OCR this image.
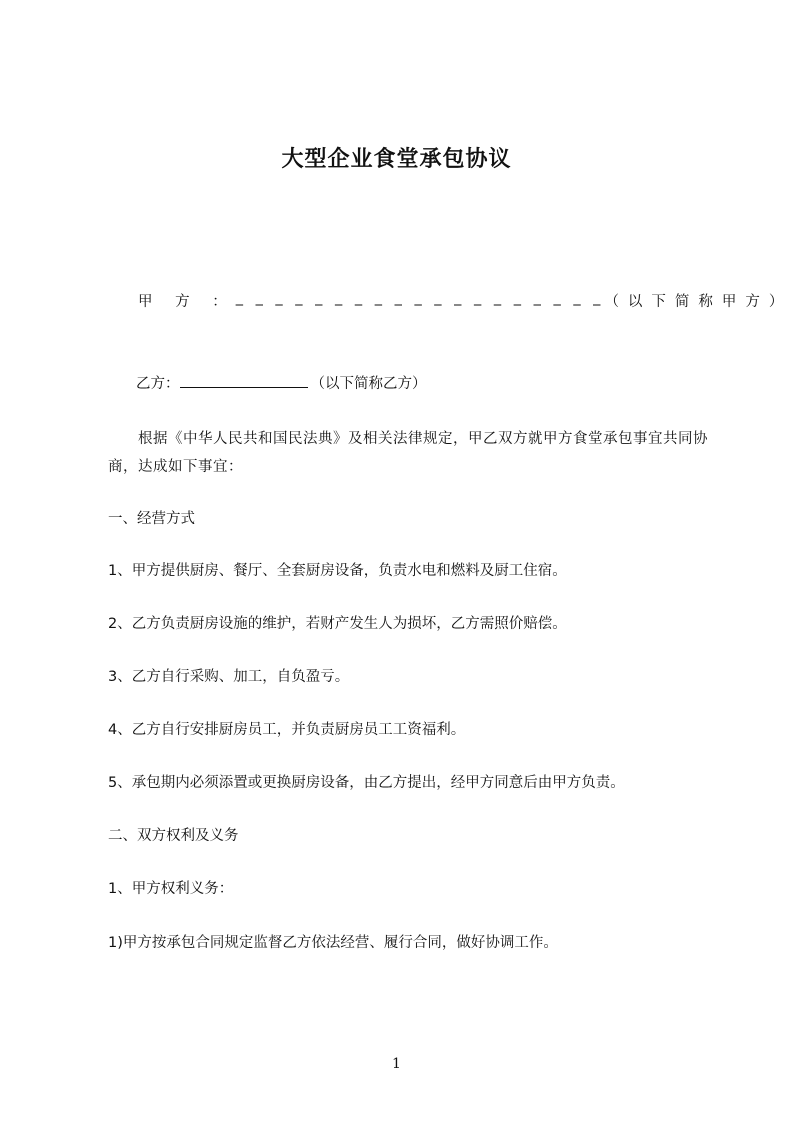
大型企业食堂承包协议
甲 方 ： _ _ _ _ _ _ _ _ _ _ _ _ _ _ _ _ _ _ _ （以下简称甲方）
乙方：	（以下简称乙方）
根据《中华人民共和国民法典》及相关法律规定，甲乙双方就甲方食堂承包事宜共同协商，达成如下事宜：
一、经营方式
1、甲方提供厨房、餐厅、全套厨房设备，负责水电和燃料及厨工住宿。
2、乙方负责厨房设施的维护，若财产发生人为损坏，乙方需照价赔偿。
3、乙方自行采购、加工，自负盈亏。
4、乙方自行安排厨房员工，并负责厨房员工工资福利。
5、承包期内必须添置或更换厨房设备，由乙方提出，经甲方同意后由甲方负责。
二、双方权利及义务
1、甲方权利义务：
1)甲方按承包合同规定监督乙方依法经营、履行合同，做好协调工作。
1
